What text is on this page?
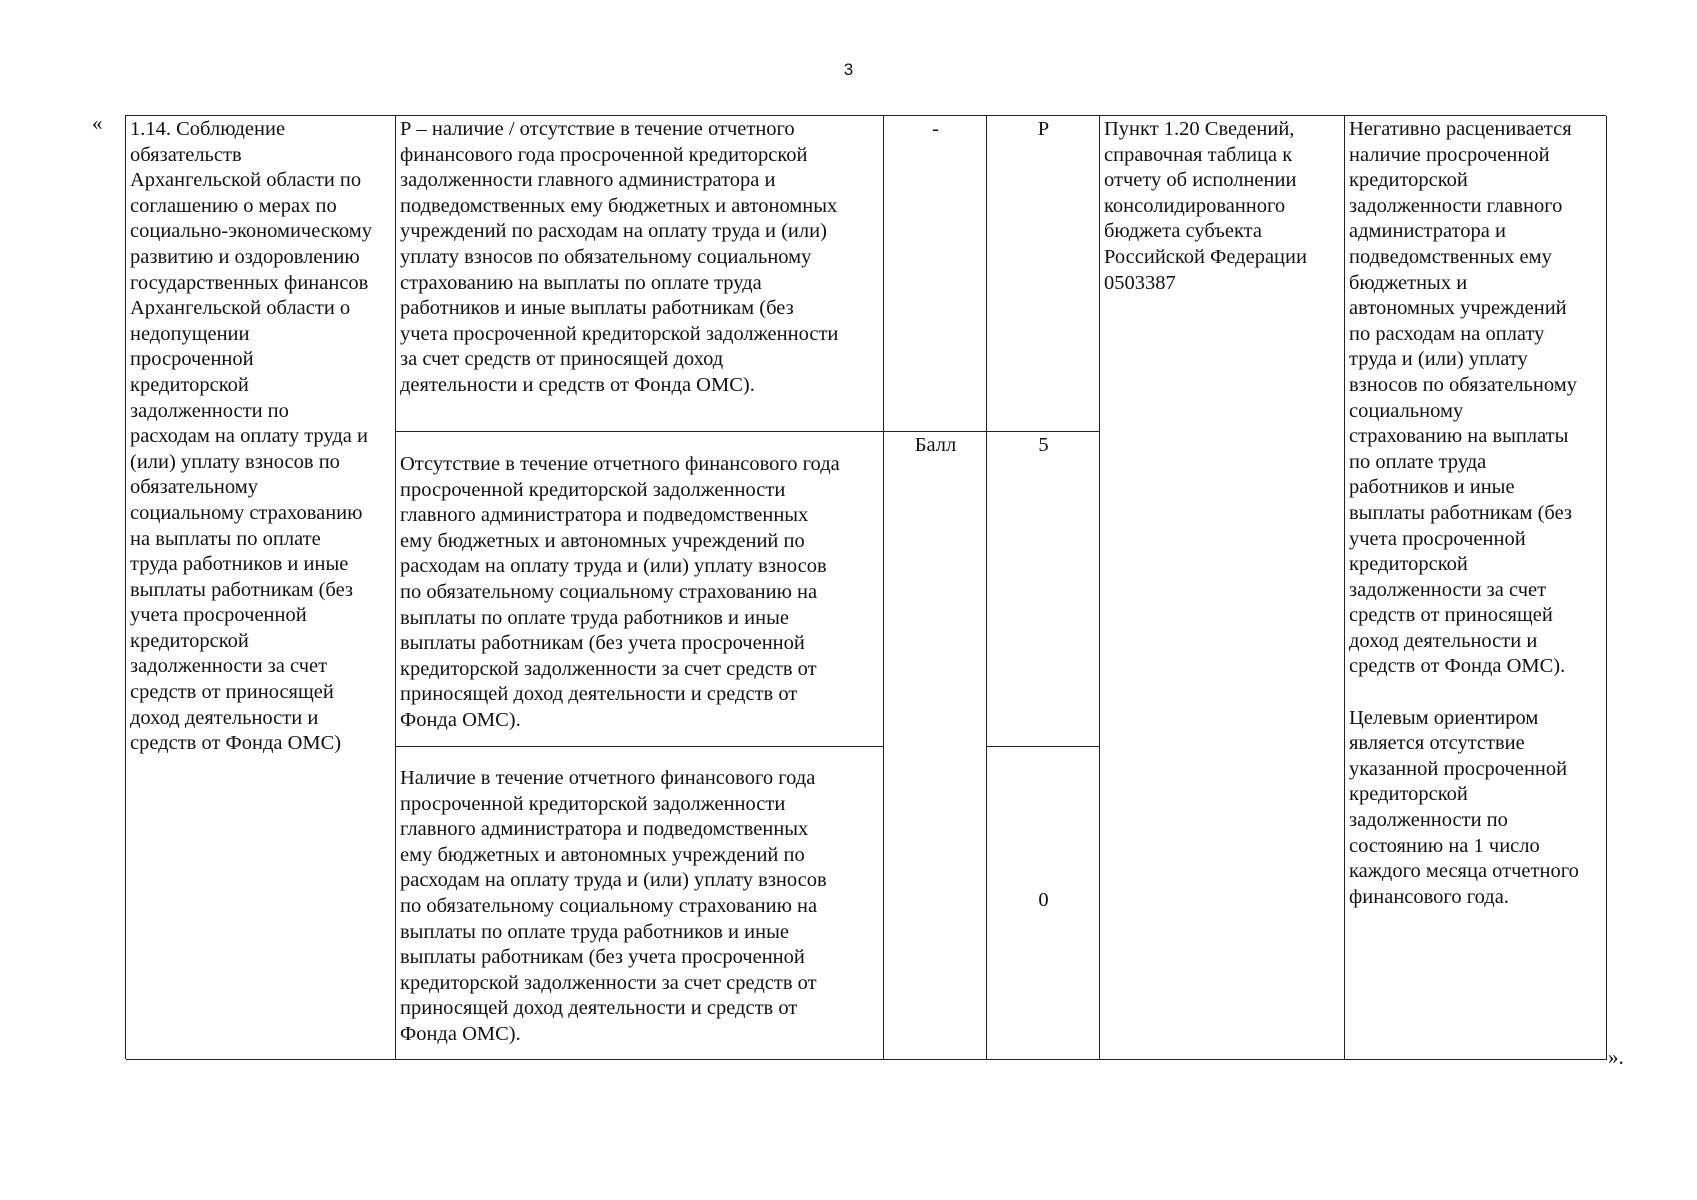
3
« 1.14. Соблюдение
обязательств
Архангельской области по
соглашению о мерах по
социально-экономическому
развитию и оздоровлению
государственных финансов
Архангельской области о
недопущении
просроченной
кредиторской
задолженности по
расходам на оплату труда и
(или) уплату взносов по
обязательному
социальному страхованию
на выплаты по оплате
труда работников и иные
выплаты работникам (без
учета просроченной
кредиторской
задолженности за счет
средств от приносящей
доход деятельности и
средств от Фонда ОМС)
Р – наличие / отсутствие в течение отчетного
финансового года просроченной кредиторской
задолженности главного администратора и
подведомственных ему бюджетных и автономных
учреждений по расходам на оплату труда и (или)
уплату взносов по обязательному социальному
страхованию на выплаты по оплате труда
работников и иные выплаты работникам (без
учета просроченной кредиторской задолженности
за счет средств от приносящей доход
деятельности и средств от Фонда ОМС).
Отсутствие в течение отчетного финансового года
просроченной кредиторской задолженности
главного администратора и подведомственных
ему бюджетных и автономных учреждений по
расходам на оплату труда и (или) уплату взносов
по обязательному социальному страхованию на
выплаты по оплате труда работников и иные
выплаты работникам (без учета просроченной
кредиторской задолженности за счет средств от
приносящей доход деятельности и средств от
Фонда ОМС).
Наличие в течение отчетного финансового года
просроченной кредиторской задолженности
главного администратора и подведомственных
ему бюджетных и автономных учреждений по
расходам на оплату труда и (или) уплату взносов
по обязательному социальному страхованию на
выплаты по оплате труда работников и иные
выплаты работникам (без учета просроченной
кредиторской задолженности за счет средств от
приносящей доход деятельности и средств от
Фонда ОМС).
-
Балл
Р
5
0
Пункт 1.20 Сведений,
справочная таблица к
отчету об исполнении
консолидированного
бюджета субъекта
Российской Федерации
0503387
Негативно расценивается
наличие просроченной
кредиторской
задолженности главного
администратора и
подведомственных ему
бюджетных и
автономных учреждений
по расходам на оплату
труда и (или) уплату
взносов по обязательному
социальному
страхованию на выплаты
по оплате труда
работников и иные
выплаты работникам (без
учета просроченной
кредиторской
задолженности за счет
средств от приносящей
доход деятельности и
средств от Фонда ОМС).

Целевым ориентиром
является отсутствие
указанной просроченной
кредиторской
задолженности по
состоянию на 1 число
каждого месяца отчетного
финансового года.
».
